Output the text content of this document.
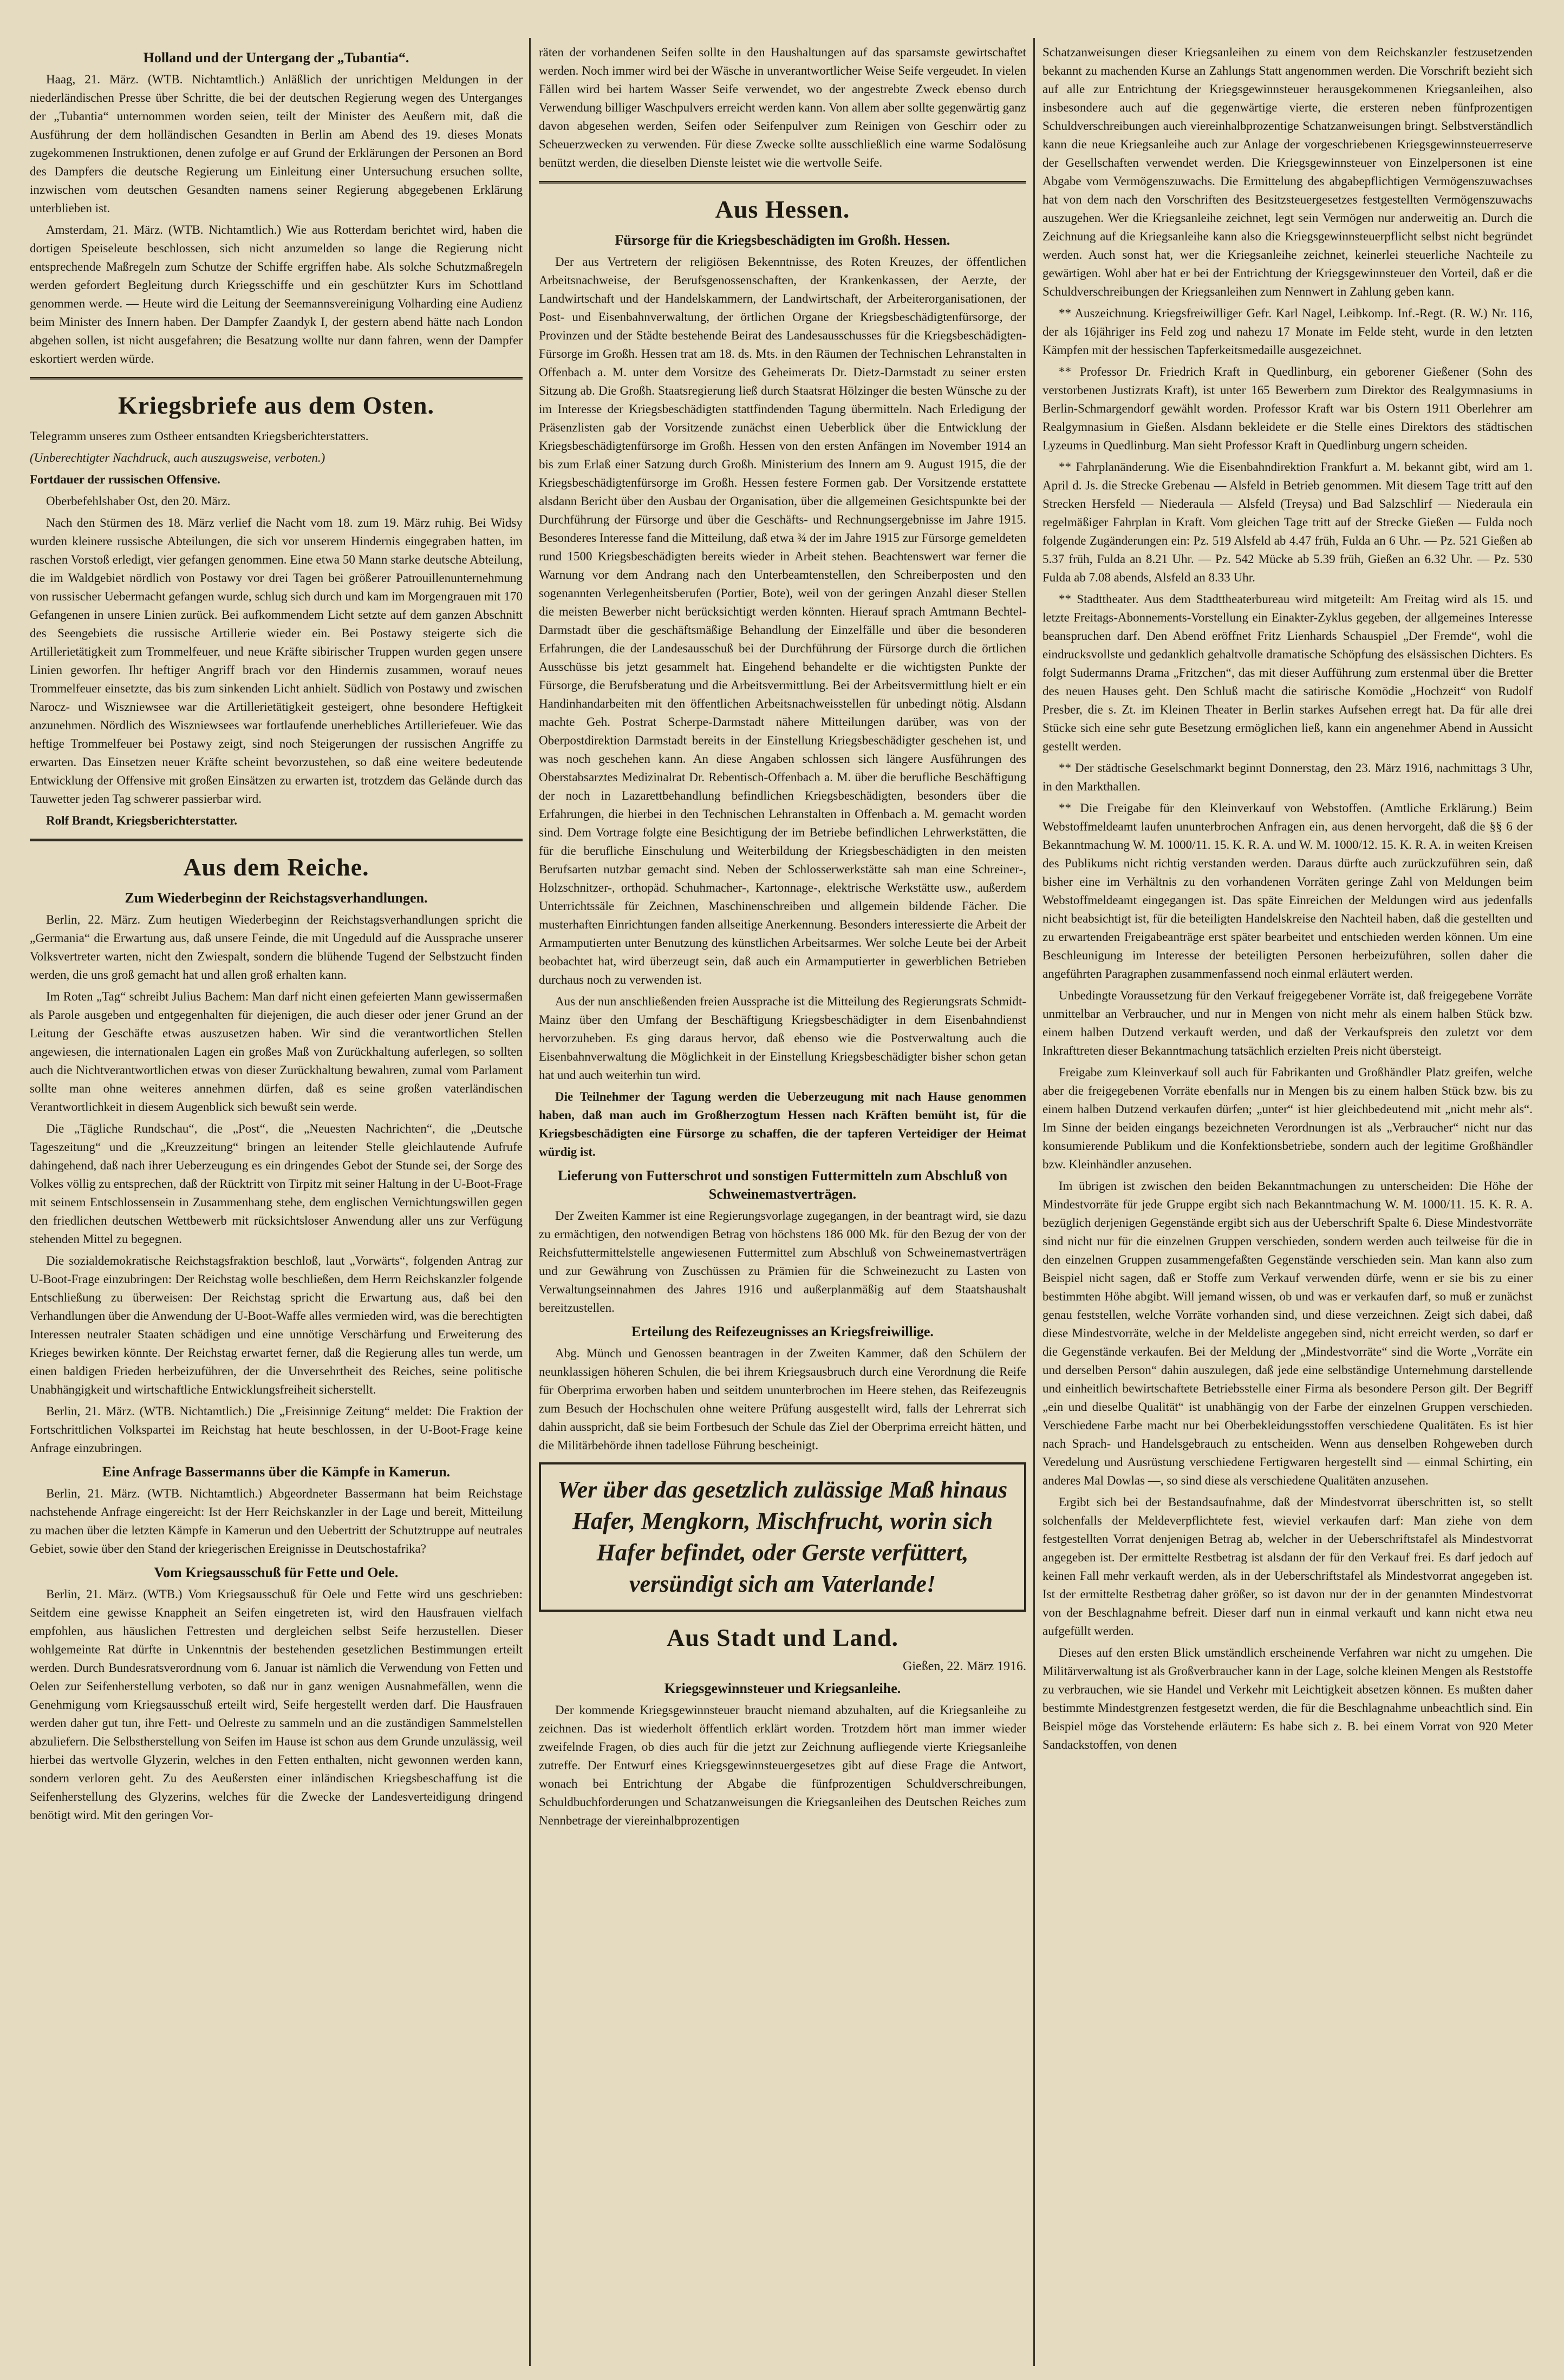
Holland und der Untergang der „Tubantia“.

Haag, 21. März. (WTB. Nichtamtlich.) Anläßlich der unrichtigen Meldungen in der niederländischen Presse über Schritte, die bei der deutschen Regierung wegen des Unterganges der „Tubantia“ unternommen worden seien, teilt der Minister des Aeußern mit, daß die Ausführung der dem holländischen Gesandten in Berlin am Abend des 19. dieses Monats zugekommenen Instruktionen, denen zufolge er auf Grund der Erklärungen der Personen an Bord des Dampfers die deutsche Regierung um Einleitung einer Untersuchung ersuchen sollte, inzwischen vom deutschen Gesandten namens seiner Regierung abgegebenen Erklärung unterblieben ist.

Amsterdam, 21. März. (WTB. Nichtamtlich.) Wie aus Rotterdam berichtet wird, haben die dortigen Speiseleute beschlossen, sich nicht anzumelden so lange die Regierung nicht entsprechende Maßregeln zum Schutze der Schiffe ergriffen habe. Als solche Schutzmaßregeln werden gefordert Begleitung durch Kriegsschiffe und ein geschützter Kurs im Schottland genommen werde. — Heute wird die Leitung der Seemannsvereinigung Volharding eine Audienz beim Minister des Innern haben. Der Dampfer Zaandyk I, der gestern abend hätte nach London abgehen sollen, ist nicht ausgefahren; die Besatzung wollte nur dann fahren, wenn der Dampfer eskortiert werden würde.

Kriegsbriefe aus dem Osten.

Telegramm unseres zum Ostheer entsandten Kriegsberichterstatters.

(Unberechtigter Nachdruck, auch auszugsweise, verboten.)

Fortdauer der russischen Offensive.

Oberbefehlshaber Ost, den 20. März.

Nach den Stürmen des 18. März verlief die Nacht vom 18. zum 19. März ruhig. Bei Widsy wurden kleinere russische Abteilungen, die sich vor unserem Hindernis eingegraben hatten, im raschen Vorstoß erledigt, vier gefangen genommen. Eine etwa 50 Mann starke deutsche Abteilung, die im Waldgebiet nördlich von Postawy vor drei Tagen bei größerer Patrouillenunternehmung von russischer Uebermacht gefangen wurde, schlug sich durch und kam im Morgengrauen mit 170 Gefangenen in unsere Linien zurück. Bei aufkommendem Licht setzte auf dem ganzen Abschnitt des Seengebiets die russische Artillerie wieder ein. Bei Postawy steigerte sich die Artillerietätigkeit zum Trommelfeuer, und neue Kräfte sibirischer Truppen wurden gegen unsere Linien geworfen. Ihr heftiger Angriff brach vor den Hindernis zusammen, worauf neues Trommelfeuer einsetzte, das bis zum sinkenden Licht anhielt. Südlich von Postawy und zwischen Narocz- und Wiszniewsee war die Artillerietätigkeit gesteigert, ohne besondere Heftigkeit anzunehmen. Nördlich des Wiszniewsees war fortlaufende unerhebliches Artilleriefeuer. Wie das heftige Trommelfeuer bei Postawy zeigt, sind noch Steigerungen der russischen Angriffe zu erwarten. Das Einsetzen neuer Kräfte scheint bevorzustehen, so daß eine weitere bedeutende Entwicklung der Offensive mit großen Einsätzen zu erwarten ist, trotzdem das Gelände durch das Tauwetter jeden Tag schwerer passierbar wird.

Rolf Brandt, Kriegsberichterstatter.

Aus dem Reiche.
Zum Wiederbeginn der Reichstagsverhandlungen.

Berlin, 22. März. Zum heutigen Wiederbeginn der Reichstagsverhandlungen spricht die „Germania“ die Erwartung aus, daß unsere Feinde, die mit Ungeduld auf die Aussprache unserer Volksvertreter warten, nicht den Zwiespalt, sondern die blühende Tugend der Selbstzucht finden werden, die uns groß gemacht hat und allen groß erhalten kann.

Im Roten „Tag“ schreibt Julius Bachem: Man darf nicht einen gefeierten Mann gewissermaßen als Parole ausgeben und entgegenhalten für diejenigen, die auch dieser oder jener Grund an der Leitung der Geschäfte etwas auszusetzen haben. Wir sind die verantwortlichen Stellen angewiesen, die internationalen Lagen ein großes Maß von Zurückhaltung auferlegen, so sollten auch die Nichtverantwortlichen etwas von dieser Zurückhaltung bewahren, zumal vom Parlament sollte man ohne weiteres annehmen dürfen, daß es seine großen vaterländischen Verantwortlichkeit in diesem Augenblick sich bewußt sein werde.

Die „Tägliche Rundschau“, die „Post“, die „Neuesten Nachrichten“, die „Deutsche Tageszeitung“ und die „Kreuzzeitung“ bringen an leitender Stelle gleichlautende Aufrufe dahingehend, daß nach ihrer Ueberzeugung es ein dringendes Gebot der Stunde sei, der Sorge des Volkes völlig zu entsprechen, daß der Rücktritt von Tirpitz mit seiner Haltung in der U-Boot-Frage mit seinem Entschlossensein in Zusammenhang stehe, dem englischen Vernichtungswillen gegen den friedlichen deutschen Wettbewerb mit rücksichtsloser Anwendung aller uns zur Verfügung stehenden Mittel zu begegnen.

Die sozialdemokratische Reichstagsfraktion beschloß, laut „Vorwärts“, folgenden Antrag zur U-Boot-Frage einzubringen: Der Reichstag wolle beschließen, dem Herrn Reichskanzler folgende Entschließung zu überweisen: Der Reichstag spricht die Erwartung aus, daß bei den Verhandlungen über die Anwendung der U-Boot-Waffe alles vermieden wird, was die berechtigten Interessen neutraler Staaten schädigen und eine unnötige Verschärfung und Erweiterung des Krieges bewirken könnte. Der Reichstag erwartet ferner, daß die Regierung alles tun werde, um einen baldigen Frieden herbeizuführen, der die Unversehrtheit des Reiches, seine politische Unabhängigkeit und wirtschaftliche Entwicklungsfreiheit sicherstellt.

Berlin, 21. März. (WTB. Nichtamtlich.) Die „Freisinnige Zeitung“ meldet: Die Fraktion der Fortschrittlichen Volkspartei im Reichstag hat heute beschlossen, in der U-Boot-Frage keine Anfrage einzubringen.

Eine Anfrage Bassermanns über die Kämpfe in Kamerun.

Berlin, 21. März. (WTB. Nichtamtlich.) Abgeordneter Bassermann hat beim Reichstage nachstehende Anfrage eingereicht: Ist der Herr Reichskanzler in der Lage und bereit, Mitteilung zu machen über die letzten Kämpfe in Kamerun und den Uebertritt der Schutztruppe auf neutrales Gebiet, sowie über den Stand der kriegerischen Ereignisse in Deutschostafrika?

Vom Kriegsausschuß für Fette und Oele.

Berlin, 21. März. (WTB.) Vom Kriegsausschuß für Oele und Fette wird uns geschrieben: Seitdem eine gewisse Knappheit an Seifen eingetreten ist, wird den Hausfrauen vielfach empfohlen, aus häuslichen Fettresten und dergleichen selbst Seife herzustellen. Dieser wohlgemeinte Rat dürfte in Unkenntnis der bestehenden gesetzlichen Bestimmungen erteilt werden. Durch Bundesratsverordnung vom 6. Januar ist nämlich die Verwendung von Fetten und Oelen zur Seifenherstellung verboten, so daß nur in ganz wenigen Ausnahmefällen, wenn die Genehmigung vom Kriegsausschuß erteilt wird, Seife hergestellt werden darf. Die Hausfrauen werden daher gut tun, ihre Fett- und Oelreste zu sammeln und an die zuständigen Sammelstellen abzuliefern. Die Selbstherstellung von Seifen im Hause ist schon aus dem Grunde unzulässig, weil hierbei das wertvolle Glyzerin, welches in den Fetten enthalten, nicht gewonnen werden kann, sondern verloren geht. Zu des Aeußersten einer inländischen Kriegsbeschaffung ist die Seifenherstellung des Glyzerins, welches für die Zwecke der Landesverteidigung dringend benötigt wird. Mit den geringen Vor-

räten der vorhandenen Seifen sollte in den Haushaltungen auf das sparsamste gewirtschaftet werden. Noch immer wird bei der Wäsche in unverantwortlicher Weise Seife vergeudet. In vielen Fällen wird bei hartem Wasser Seife verwendet, wo der angestrebte Zweck ebenso durch Verwendung billiger Waschpulvers erreicht werden kann. Von allem aber sollte gegenwärtig ganz davon abgesehen werden, Seifen oder Seifenpulver zum Reinigen von Geschirr oder zu Scheuerzwecken zu verwenden. Für diese Zwecke sollte ausschließlich eine warme Sodalösung benützt werden, die dieselben Dienste leistet wie die wertvolle Seife.

Aus Hessen.
Fürsorge für die Kriegsbeschädigten im Großh. Hessen.

Der aus Vertretern der religiösen Bekenntnisse, des Roten Kreuzes, der öffentlichen Arbeitsnachweise, der Berufsgenossenschaften, der Krankenkassen, der Aerzte, der Landwirtschaft und der Handelskammern, der Landwirtschaft, der Arbeiterorganisationen, der Post- und Eisenbahnverwaltung, der örtlichen Organe der Kriegsbeschädigtenfürsorge, der Provinzen und der Städte bestehende Beirat des Landesausschusses für die Kriegsbeschädigten-Fürsorge im Großh. Hessen trat am 18. ds. Mts. in den Räumen der Technischen Lehranstalten in Offenbach a. M. unter dem Vorsitze des Geheimerats Dr. Dietz-Darmstadt zu seiner ersten Sitzung ab. Die Großh. Staatsregierung ließ durch Staatsrat Hölzinger die besten Wünsche zu der im Interesse der Kriegsbeschädigten stattfindenden Tagung übermitteln. Nach Erledigung der Präsenzlisten gab der Vorsitzende zunächst einen Ueberblick über die Entwicklung der Kriegsbeschädigtenfürsorge im Großh. Hessen von den ersten Anfängen im November 1914 an bis zum Erlaß einer Satzung durch Großh. Ministerium des Innern am 9. August 1915, die der Kriegsbeschädigtenfürsorge im Großh. Hessen festere Formen gab. Der Vorsitzende erstattete alsdann Bericht über den Ausbau der Organisation, über die allgemeinen Gesichtspunkte bei der Durchführung der Fürsorge und über die Geschäfts- und Rechnungsergebnisse im Jahre 1915. Besonderes Interesse fand die Mitteilung, daß etwa ¾ der im Jahre 1915 zur Fürsorge gemeldeten rund 1500 Kriegsbeschädigten bereits wieder in Arbeit stehen. Beachtenswert war ferner die Warnung vor dem Andrang nach den Unterbeamtenstellen, den Schreiberposten und den sogenannten Verlegenheitsberufen (Portier, Bote), weil von der geringen Anzahl dieser Stellen die meisten Bewerber nicht berücksichtigt werden könnten. Hierauf sprach Amtmann Bechtel-Darmstadt über die geschäftsmäßige Behandlung der Einzelfälle und über die besonderen Erfahrungen, die der Landesausschuß bei der Durchführung der Fürsorge durch die örtlichen Ausschüsse bis jetzt gesammelt hat. Eingehend behandelte er die wichtigsten Punkte der Fürsorge, die Berufsberatung und die Arbeitsvermittlung. Bei der Arbeitsvermittlung hielt er ein Handinhandarbeiten mit den öffentlichen Arbeitsnachweisstellen für unbedingt nötig. Alsdann machte Geh. Postrat Scherpe-Darmstadt nähere Mitteilungen darüber, was von der Oberpostdirektion Darmstadt bereits in der Einstellung Kriegsbeschädigter geschehen ist, und was noch geschehen kann. An diese Angaben schlossen sich längere Ausführungen des Oberstabsarztes Medizinalrat Dr. Rebentisch-Offenbach a. M. über die berufliche Beschäftigung der noch in Lazarettbehandlung befindlichen Kriegsbeschädigten, besonders über die Erfahrungen, die hierbei in den Technischen Lehranstalten in Offenbach a. M. gemacht worden sind. Dem Vortrage folgte eine Besichtigung der im Betriebe befindlichen Lehrwerkstätten, die für die berufliche Einschulung und Weiterbildung der Kriegsbeschädigten in den meisten Berufsarten nutzbar gemacht sind. Neben der Schlosserwerkstätte sah man eine Schreiner-, Holzschnitzer-, orthopäd. Schuhmacher-, Kartonnage-, elektrische Werkstätte usw., außerdem Unterrichtssäle für Zeichnen, Maschinenschreiben und allgemein bildende Fächer. Die musterhaften Einrichtungen fanden allseitige Anerkennung. Besonders interessierte die Arbeit der Armamputierten unter Benutzung des künstlichen Arbeitsarmes. Wer solche Leute bei der Arbeit beobachtet hat, wird überzeugt sein, daß auch ein Armamputierter in gewerblichen Betrieben durchaus noch zu verwenden ist.

Aus der nun anschließenden freien Aussprache ist die Mitteilung des Regierungsrats Schmidt-Mainz über den Umfang der Beschäftigung Kriegsbeschädigter in dem Eisenbahndienst hervorzuheben. Es ging daraus hervor, daß ebenso wie die Postverwaltung auch die Eisenbahnverwaltung die Möglichkeit in der Einstellung Kriegsbeschädigter bisher schon getan hat und auch weiterhin tun wird.

Die Teilnehmer der Tagung werden die Ueberzeugung mit nach Hause genommen haben, daß man auch im Großherzogtum Hessen nach Kräften bemüht ist, für die Kriegsbeschädigten eine Fürsorge zu schaffen, die der tapferen Verteidiger der Heimat würdig ist.

Lieferung von Futterschrot und sonstigen Futtermitteln zum Abschluß von Schweinemastverträgen.

Der Zweiten Kammer ist eine Regierungsvorlage zugegangen, in der beantragt wird, sie dazu zu ermächtigen, den notwendigen Betrag von höchstens 186 000 Mk. für den Bezug der von der Reichsfuttermittelstelle angewiesenen Futtermittel zum Abschluß von Schweinemastverträgen und zur Gewährung von Zuschüssen zu Prämien für die Schweinezucht zu Lasten von Verwaltungseinnahmen des Jahres 1916 und außerplanmäßig auf dem Staatshaushalt bereitzustellen.

Erteilung des Reifezeugnisses an Kriegsfreiwillige.

Abg. Münch und Genossen beantragen in der Zweiten Kammer, daß den Schülern der neunklassigen höheren Schulen, die bei ihrem Kriegsausbruch durch eine Verordnung die Reife für Oberprima erworben haben und seitdem ununterbrochen im Heere stehen, das Reifezeugnis zum Besuch der Hochschulen ohne weitere Prüfung ausgestellt wird, falls der Lehrerrat sich dahin ausspricht, daß sie beim Fortbesuch der Schule das Ziel der Oberprima erreicht hätten, und die Militärbehörde ihnen tadellose Führung bescheinigt.

Wer über das gesetzlich zulässige Maß hinaus Hafer, Mengkorn, Mischfrucht, worin sich Hafer befindet, oder Gerste verfüttert, versündigt sich am Vaterlande!
Aus Stadt und Land.

Gießen, 22. März 1916.

Kriegsgewinnsteuer und Kriegsanleihe.

Der kommende Kriegsgewinnsteuer braucht niemand abzuhalten, auf die Kriegsanleihe zu zeichnen. Das ist wiederholt öffentlich erklärt worden. Trotzdem hört man immer wieder zweifelnde Fragen, ob dies auch für die jetzt zur Zeichnung aufliegende vierte Kriegsanleihe zutreffe. Der Entwurf eines Kriegsgewinnsteuergesetzes gibt auf diese Frage die Antwort, wonach bei Entrichtung der Abgabe die fünfprozentigen Schuldverschreibungen, Schuldbuchforderungen und Schatzanweisungen die Kriegsanleihen des Deutschen Reiches zum Nennbetrage der viereinhalbprozentigen

Schatzanweisungen dieser Kriegsanleihen zu einem von dem Reichskanzler festzusetzenden bekannt zu machenden Kurse an Zahlungs Statt angenommen werden. Die Vorschrift bezieht sich auf alle zur Entrichtung der Kriegsgewinnsteuer herausgekommenen Kriegsanleihen, also insbesondere auch auf die gegenwärtige vierte, die ersteren neben fünfprozentigen Schuldverschreibungen auch viereinhalbprozentige Schatzanweisungen bringt. Selbstverständlich kann die neue Kriegsanleihe auch zur Anlage der vorgeschriebenen Kriegsgewinnsteuerreserve der Gesellschaften verwendet werden. Die Kriegsgewinnsteuer von Einzelpersonen ist eine Abgabe vom Vermögenszuwachs. Die Ermittelung des abgabepflichtigen Vermögenszuwachses hat von dem nach den Vorschriften des Besitzsteuergesetzes festgestellten Vermögenszuwachs auszugehen. Wer die Kriegsanleihe zeichnet, legt sein Vermögen nur anderweitig an. Durch die Zeichnung auf die Kriegsanleihe kann also die Kriegsgewinnsteuerpflicht selbst nicht begründet werden. Auch sonst hat, wer die Kriegsanleihe zeichnet, keinerlei steuerliche Nachteile zu gewärtigen. Wohl aber hat er bei der Entrichtung der Kriegsgewinnsteuer den Vorteil, daß er die Schuldverschreibungen der Kriegsanleihen zum Nennwert in Zahlung geben kann.

** Auszeichnung. Kriegsfreiwilliger Gefr. Karl Nagel, Leibkomp. Inf.-Regt. (R. W.) Nr. 116, der als 16jähriger ins Feld zog und nahezu 17 Monate im Felde steht, wurde in den letzten Kämpfen mit der hessischen Tapferkeitsmedaille ausgezeichnet.

** Professor Dr. Friedrich Kraft in Quedlinburg, ein geborener Gießener (Sohn des verstorbenen Justizrats Kraft), ist unter 165 Bewerbern zum Direktor des Realgymnasiums in Berlin-Schmargendorf gewählt worden. Professor Kraft war bis Ostern 1911 Oberlehrer am Realgymnasium in Gießen. Alsdann bekleidete er die Stelle eines Direktors des städtischen Lyzeums in Quedlinburg. Man sieht Professor Kraft in Quedlinburg ungern scheiden.

** Fahrplanänderung. Wie die Eisenbahndirektion Frankfurt a. M. bekannt gibt, wird am 1. April d. Js. die Strecke Grebenau — Alsfeld in Betrieb genommen. Mit diesem Tage tritt auf den Strecken Hersfeld — Niederaula — Alsfeld (Treysa) und Bad Salzschlirf — Niederaula ein regelmäßiger Fahrplan in Kraft. Vom gleichen Tage tritt auf der Strecke Gießen — Fulda noch folgende Zugänderungen ein: Pz. 519 Alsfeld ab 4.47 früh, Fulda an 6 Uhr. — Pz. 521 Gießen ab 5.37 früh, Fulda an 8.21 Uhr. — Pz. 542 Mücke ab 5.39 früh, Gießen an 6.32 Uhr. — Pz. 530 Fulda ab 7.08 abends, Alsfeld an 8.33 Uhr.

** Stadttheater. Aus dem Stadttheaterbureau wird mitgeteilt: Am Freitag wird als 15. und letzte Freitags-Abonnements-Vorstellung ein Einakter-Zyklus gegeben, der allgemeines Interesse beanspruchen darf. Den Abend eröffnet Fritz Lienhards Schauspiel „Der Fremde“, wohl die eindrucksvollste und gedanklich gehaltvolle dramatische Schöpfung des elsässischen Dichters. Es folgt Sudermanns Drama „Fritzchen“, das mit dieser Aufführung zum erstenmal über die Bretter des neuen Hauses geht. Den Schluß macht die satirische Komödie „Hochzeit“ von Rudolf Presber, die s. Zt. im Kleinen Theater in Berlin starkes Aufsehen erregt hat. Da für alle drei Stücke sich eine sehr gute Besetzung ermöglichen ließ, kann ein angenehmer Abend in Aussicht gestellt werden.

** Der städtische Geselschmarkt beginnt Donnerstag, den 23. März 1916, nachmittags 3 Uhr, in den Markthallen.

** Die Freigabe für den Kleinverkauf von Webstoffen. (Amtliche Erklärung.) Beim Webstoffmeldeamt laufen ununterbrochen Anfragen ein, aus denen hervorgeht, daß die §§ 6 der Bekanntmachung W. M. 1000/11. 15. K. R. A. und W. M. 1000/12. 15. K. R. A. in weiten Kreisen des Publikums nicht richtig verstanden werden. Daraus dürfte auch zurückzuführen sein, daß bisher eine im Verhältnis zu den vorhandenen Vorräten geringe Zahl von Meldungen beim Webstoffmeldeamt eingegangen ist. Das späte Einreichen der Meldungen wird aus jedenfalls nicht beabsichtigt ist, für die beteiligten Handelskreise den Nachteil haben, daß die gestellten und zu erwartenden Freigabeanträge erst später bearbeitet und entschieden werden können. Um eine Beschleunigung im Interesse der beteiligten Personen herbeizuführen, sollen daher die angeführten Paragraphen zusammenfassend noch einmal erläutert werden.

Unbedingte Voraussetzung für den Verkauf freigegebener Vorräte ist, daß freigegebene Vorräte unmittelbar an Verbraucher, und nur in Mengen von nicht mehr als einem halben Stück bzw. einem halben Dutzend verkauft werden, und daß der Verkaufspreis den zuletzt vor dem Inkrafttreten dieser Bekanntmachung tatsächlich erzielten Preis nicht übersteigt.

Freigabe zum Kleinverkauf soll auch für Fabrikanten und Großhändler Platz greifen, welche aber die freigegebenen Vorräte ebenfalls nur in Mengen bis zu einem halben Stück bzw. bis zu einem halben Dutzend verkaufen dürfen; „unter“ ist hier gleichbedeutend mit „nicht mehr als“. Im Sinne der beiden eingangs bezeichneten Verordnungen ist als „Verbraucher“ nicht nur das konsumierende Publikum und die Konfektionsbetriebe, sondern auch der legitime Großhändler bzw. Kleinhändler anzusehen.

Im übrigen ist zwischen den beiden Bekanntmachungen zu unterscheiden: Die Höhe der Mindestvorräte für jede Gruppe ergibt sich nach Bekanntmachung W. M. 1000/11. 15. K. R. A. bezüglich derjenigen Gegenstände ergibt sich aus der Ueberschrift Spalte 6. Diese Mindestvorräte sind nicht nur für die einzelnen Gruppen verschieden, sondern werden auch teilweise für die in den einzelnen Gruppen zusammengefaßten Gegenstände verschieden sein. Man kann also zum Beispiel nicht sagen, daß er Stoffe zum Verkauf verwenden dürfe, wenn er sie bis zu einer bestimmten Höhe abgibt. Will jemand wissen, ob und was er verkaufen darf, so muß er zunächst genau feststellen, welche Vorräte vorhanden sind, und diese verzeichnen. Zeigt sich dabei, daß diese Mindestvorräte, welche in der Meldeliste angegeben sind, nicht erreicht werden, so darf er die Gegenstände verkaufen. Bei der Meldung der „Mindestvorräte“ sind die Worte „Vorräte ein und derselben Person“ dahin auszulegen, daß jede eine selbständige Unternehmung darstellende und einheitlich bewirtschaftete Betriebsstelle einer Firma als besondere Person gilt. Der Begriff „ein und dieselbe Qualität“ ist unabhängig von der Farbe der einzelnen Gruppen verschieden. Verschiedene Farbe macht nur bei Oberbekleidungsstoffen verschiedene Qualitäten. Es ist hier nach Sprach- und Handelsgebrauch zu entscheiden. Wenn aus denselben Rohgeweben durch Veredelung und Ausrüstung verschiedene Fertigwaren hergestellt sind — einmal Schirting, ein anderes Mal Dowlas —, so sind diese als verschiedene Qualitäten anzusehen.

Ergibt sich bei der Bestandsaufnahme, daß der Mindestvorrat überschritten ist, so stellt solchenfalls der Meldeverpflichtete fest, wieviel verkaufen darf: Man ziehe von dem festgestellten Vorrat denjenigen Betrag ab, welcher in der Ueberschriftstafel als Mindestvorrat angegeben ist. Der ermittelte Restbetrag ist alsdann der für den Verkauf frei. Es darf jedoch auf keinen Fall mehr verkauft werden, als in der Ueberschriftstafel als Mindestvorrat angegeben ist. Ist der ermittelte Restbetrag daher größer, so ist davon nur der in der genannten Mindestvorrat von der Beschlagnahme befreit. Dieser darf nun in einmal verkauft und kann nicht etwa neu aufgefüllt werden.

Dieses auf den ersten Blick umständlich erscheinende Verfahren war nicht zu umgehen. Die Militärverwaltung ist als Großverbraucher kann in der Lage, solche kleinen Mengen als Reststoffe zu verbrauchen, wie sie Handel und Verkehr mit Leichtigkeit absetzen können. Es mußten daher bestimmte Mindestgrenzen festgesetzt werden, die für die Beschlagnahme unbeachtlich sind. Ein Beispiel möge das Vorstehende erläutern: Es habe sich z. B. bei einem Vorrat von 920 Meter Sandackstoffen, von denen
